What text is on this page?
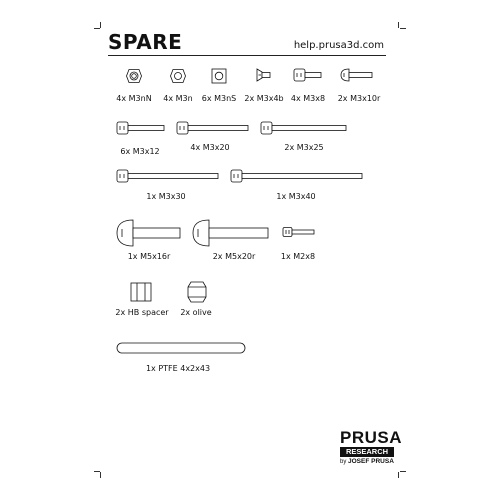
SPARE	help.prusa3d.com
4x M3nN 4x M3n 6x M3nS 2x M3x4b 4x M3x8 2x M3x10r
6x M3x12	4x M3x20	2x M3x25
1x M3x30	1x M3x40
1x M5x16r	2x M5x20r	1x M2x8
2x HB spacer 2x olive
1x PTFE 4x2x43
PRUSA
RESEARCH
by JOSEF PRUSA
